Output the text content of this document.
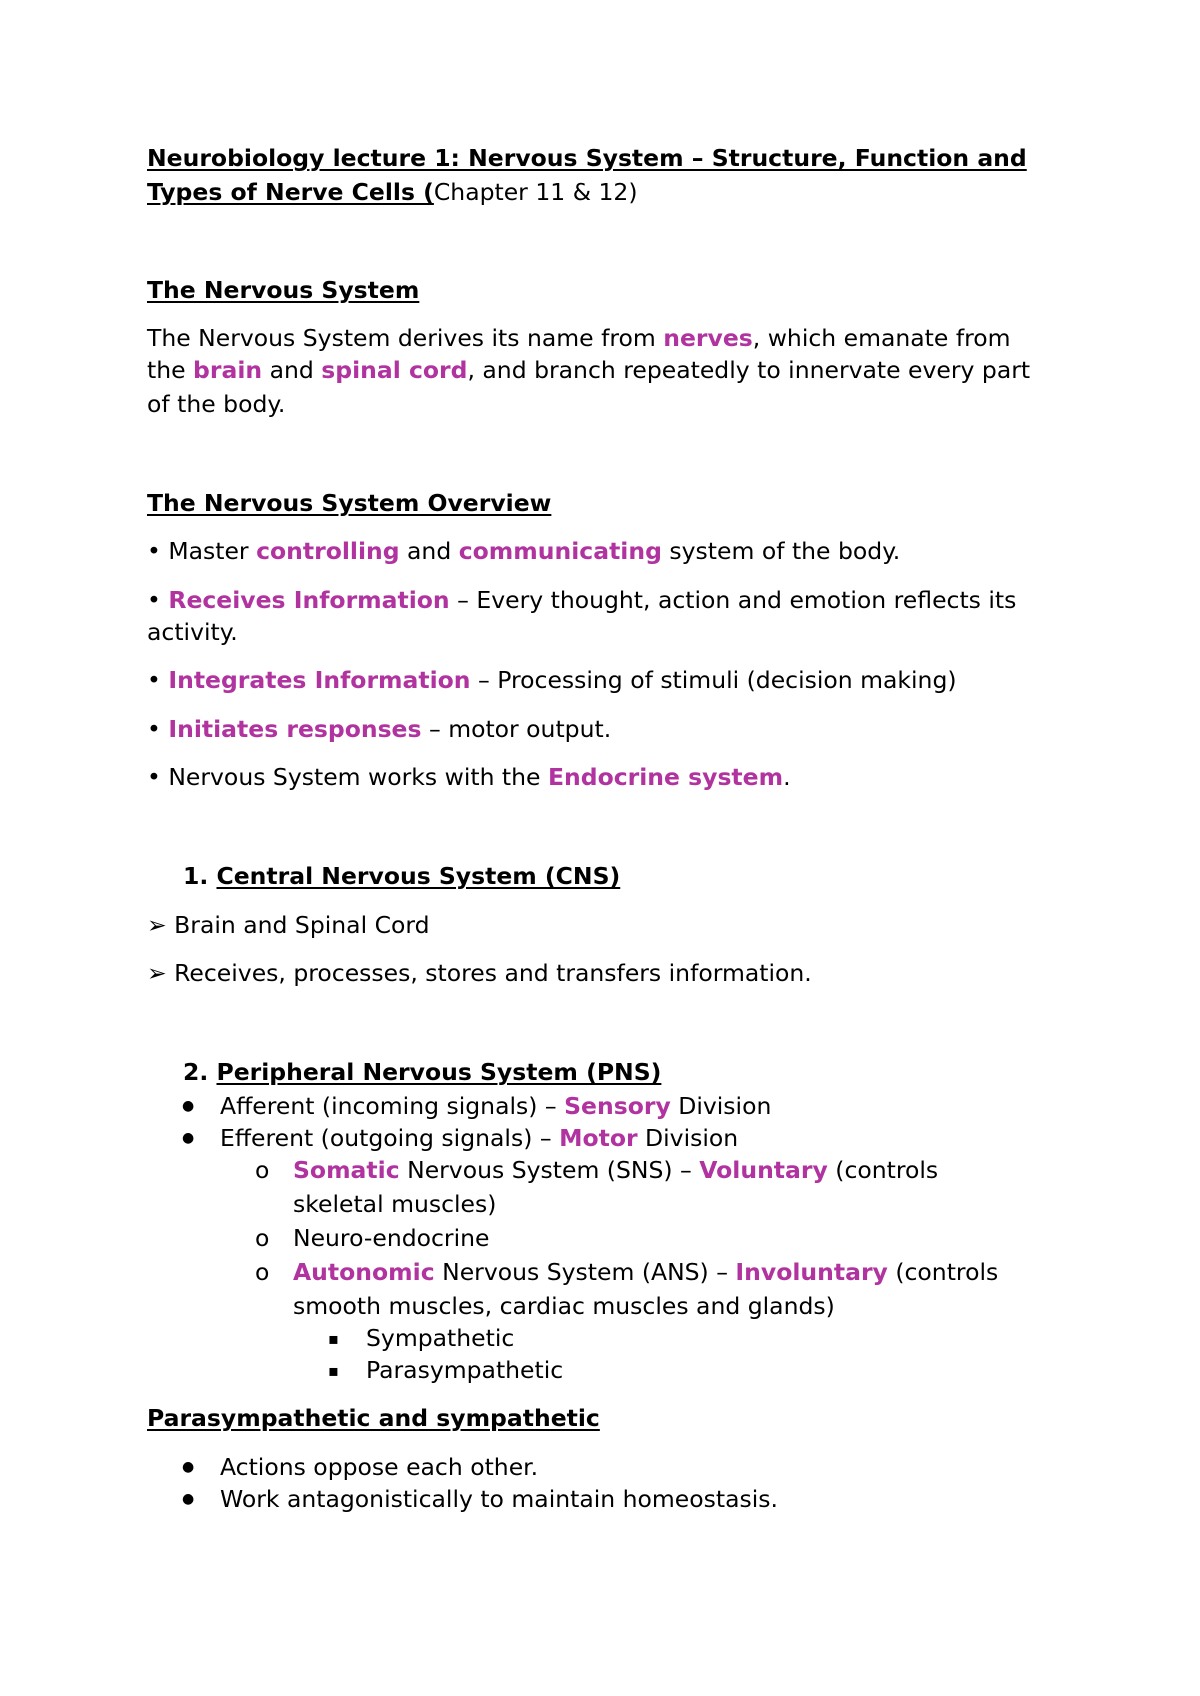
Neurobiology lecture 1: Nervous System – Structure, Function and

Types of Nerve Cells (Chapter 11 & 12)

The Nervous System

The Nervous System derives its name from nerves, which emanate from

the brain and spinal cord, and branch repeatedly to innervate every part

of the body.

The Nervous System Overview

• Master controlling and communicating system of the body.

• Receives Information – Every thought, action and emotion reflects its

activity.

• Integrates Information – Processing of stimuli (decision making)

• Initiates responses – motor output.

• Nervous System works with the Endocrine system.

1. Central Nervous System (CNS)

➢ Brain and Spinal Cord

➢ Receives, processes, stores and transfers information.

2. Peripheral Nervous System (PNS)

● Afferent (incoming signals) – Sensory Division

● Efferent (outgoing signals) – Motor Division

o Somatic Nervous System (SNS) – Voluntary (controls

skeletal muscles)

o Neuro-endocrine

o Autonomic Nervous System (ANS) – Involuntary (controls

smooth muscles, cardiac muscles and glands)

▪ Sympathetic

▪ Parasympathetic

Parasympathetic and sympathetic

● Actions oppose each other.

● Work antagonistically to maintain homeostasis.
